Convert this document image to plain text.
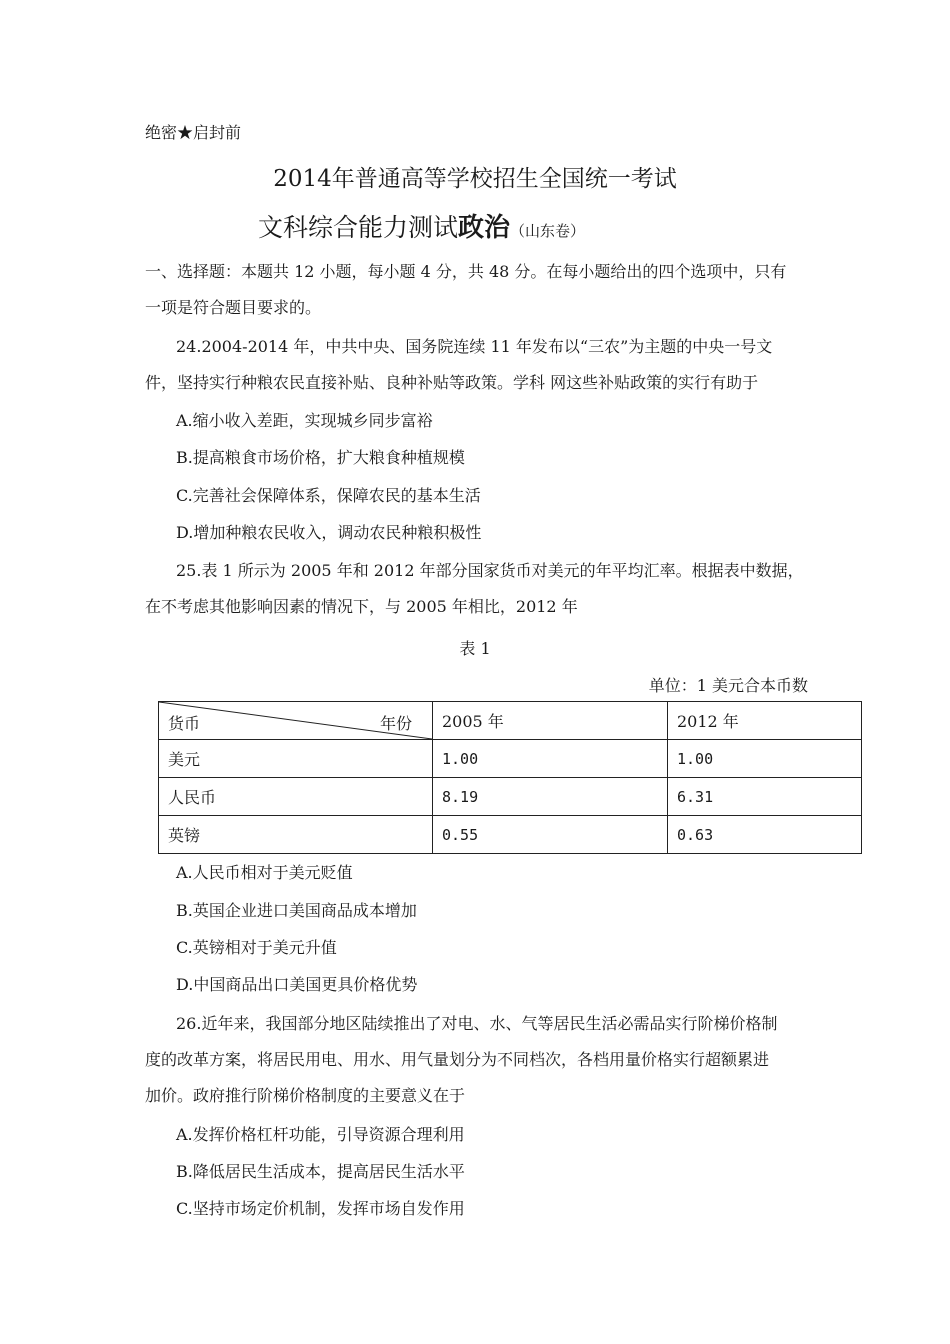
绝密★启封前
2014年普通高等学校招生全国统一考试
文科综合能力测试政治（山东卷）
一、选择题：本题共 12 小题，每小题 4 分，共 48 分。在每小题给出的四个选项中，只有
一项是符合题目要求的。
24.2004-2014 年，中共中央、国务院连续 11 年发布以“三农”为主题的中央一号文
件，坚持实行种粮农民直接补贴、良种补贴等政策。学科 网这些补贴政策的实行有助于
A.缩小收入差距，实现城乡同步富裕
B.提高粮食市场价格，扩大粮食种植规模
C.完善社会保障体系，保障农民的基本生活
D.增加种粮农民收入，调动农民种粮积极性
25.表 1 所示为 2005 年和 2012 年部分国家货币对美元的年平均汇率。根据表中数据，
在不考虑其他影响因素的情况下，与 2005 年相比，2012 年
表 1
单位：1 美元合本币数
货币 年份	2005 年	2012 年
美元	1.00	1.00
人民币	8.19	6.31
英镑	0.55	0.63
A.人民币相对于美元贬值
B.英国企业进口美国商品成本增加
C.英镑相对于美元升值
D.中国商品出口美国更具价格优势
26.近年来，我国部分地区陆续推出了对电、水、气等居民生活必需品实行阶梯价格制
度的改革方案，将居民用电、用水、用气量划分为不同档次，各档用量价格实行超额累进
加价。政府推行阶梯价格制度的主要意义在于
A.发挥价格杠杆功能，引导资源合理利用
B.降低居民生活成本，提高居民生活水平
C.坚持市场定价机制，发挥市场自发作用
